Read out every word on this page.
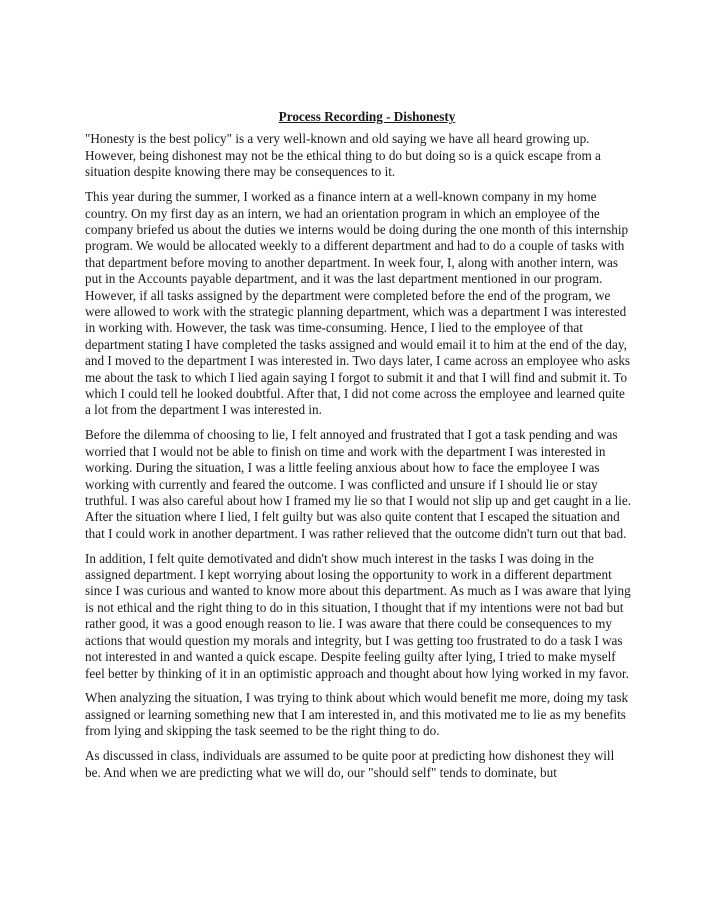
Process Recording - Dishonesty

"Honesty is the best policy" is a very well-known and old saying we have all heard growing up. However, being dishonest may not be the ethical thing to do but doing so is a quick escape from a situation despite knowing there may be consequences to it.

This year during the summer, I worked as a finance intern at a well-known company in my home country. On my first day as an intern, we had an orientation program in which an employee of the company briefed us about the duties we interns would be doing during the one month of this internship program. We would be allocated weekly to a different department and had to do a couple of tasks with that department before moving to another department. In week four, I, along with another intern, was put in the Accounts payable department, and it was the last department mentioned in our program. However, if all tasks assigned by the department were completed before the end of the program, we were allowed to work with the strategic planning department, which was a department I was interested in working with. However, the task was time-consuming. Hence, I lied to the employee of that department stating I have completed the tasks assigned and would email it to him at the end of the day, and I moved to the department I was interested in. Two days later, I came across an employee who asks me about the task to which I lied again saying I forgot to submit it and that I will find and submit it. To which I could tell he looked doubtful. After that, I did not come across the employee and learned quite a lot from the department I was interested in.

Before the dilemma of choosing to lie, I felt annoyed and frustrated that I got a task pending and was worried that I would not be able to finish on time and work with the department I was interested in working. During the situation, I was a little feeling anxious about how to face the employee I was working with currently and feared the outcome. I was conflicted and unsure if I should lie or stay truthful. I was also careful about how I framed my lie so that I would not slip up and get caught in a lie. After the situation where I lied, I felt guilty but was also quite content that I escaped the situation and that I could work in another department. I was rather relieved that the outcome didn't turn out that bad.

In addition, I felt quite demotivated and didn't show much interest in the tasks I was doing in the assigned department. I kept worrying about losing the opportunity to work in a different department since I was curious and wanted to know more about this department. As much as I was aware that lying is not ethical and the right thing to do in this situation, I thought that if my intentions were not bad but rather good, it was a good enough reason to lie. I was aware that there could be consequences to my actions that would question my morals and integrity, but I was getting too frustrated to do a task I was not interested in and wanted a quick escape. Despite feeling guilty after lying, I tried to make myself feel better by thinking of it in an optimistic approach and thought about how lying worked in my favor.

When analyzing the situation, I was trying to think about which would benefit me more, doing my task assigned or learning something new that I am interested in, and this motivated me to lie as my benefits from lying and skipping the task seemed to be the right thing to do.

As discussed in class, individuals are assumed to be quite poor at predicting how dishonest they will be. And when we are predicting what we will do, our "should self" tends to dominate, but
